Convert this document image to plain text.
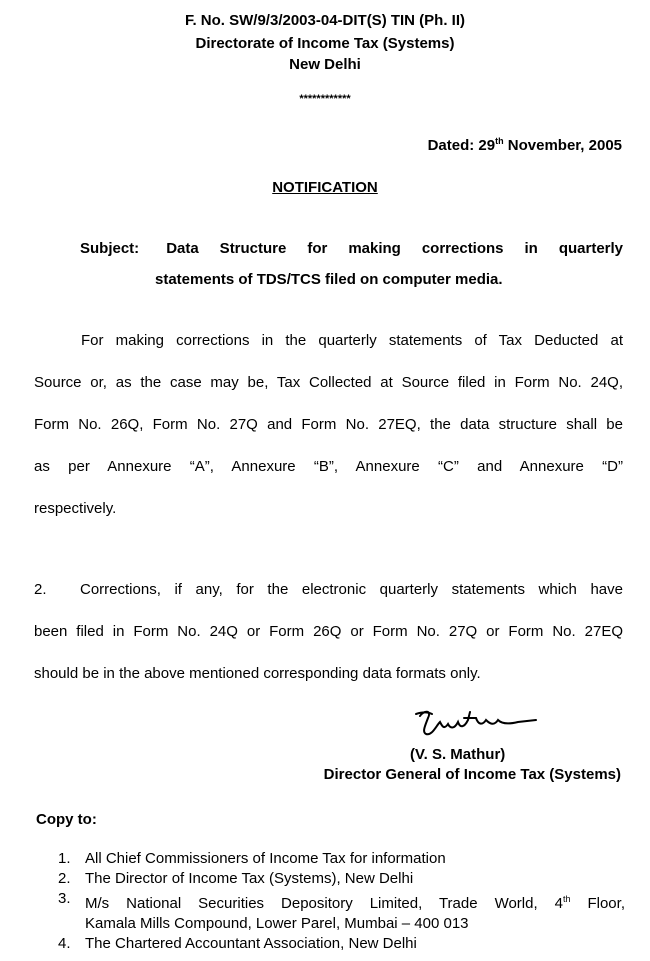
F. No. SW/9/3/2003-04-DIT(S) TIN (Ph. II)
Directorate of Income Tax (Systems)
New Delhi
************
Dated: 29th November, 2005
NOTIFICATION
Subject: Data Structure for making corrections in quarterly
statements of TDS/TCS filed on computer media.
For making corrections in the quarterly statements of Tax Deducted at
Source or, as the case may be, Tax Collected at Source filed in Form No. 24Q,
Form No. 26Q, Form No. 27Q and Form No. 27EQ, the data structure shall be
as per Annexure “A”, Annexure “B”, Annexure “C” and Annexure “D”
respectively.
2. Corrections, if any, for the electronic quarterly statements which have
been filed in Form No. 24Q or Form 26Q or Form No. 27Q or Form No. 27EQ
should be in the above mentioned corresponding data formats only.
(V. S. Mathur)
Director General of Income Tax (Systems)
Copy to:
1. All Chief Commissioners of Income Tax for information
2. The Director of Income Tax (Systems), New Delhi
3. M/s National Securities Depository Limited, Trade World, 4th Floor,
Kamala Mills Compound, Lower Parel, Mumbai – 400 013
4. The Chartered Accountant Association, New Delhi
